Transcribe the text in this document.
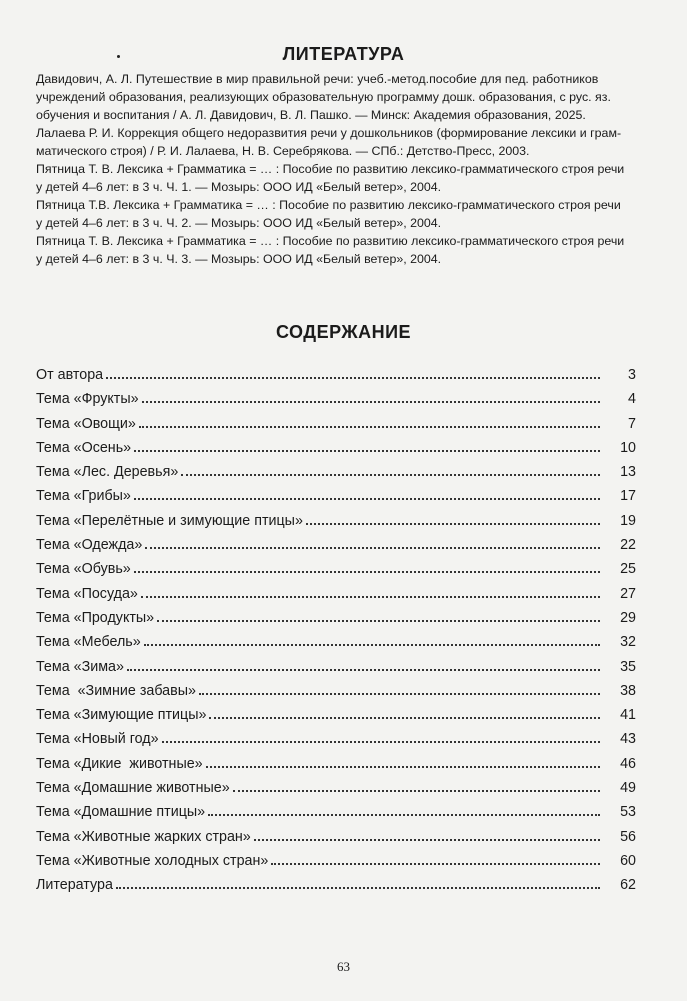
ЛИТЕРАТУРА
Давидович, А. Л. Путешествие в мир правильной речи: учеб.-метод.пособие для пед. работников
учреждений образования, реализующих образовательную программу дошк. образования, с рус. яз.
обучения и воспитания / А. Л. Давидович, В. Л. Пашко. — Минск: Академия образования, 2025.
Лалаева Р. И. Коррекция общего недоразвития речи у дошкольников (формирование лексики и грам-
матического строя) / Р. И. Лалаева, Н. В. Серебрякова. — СПб.: Детство-Пресс, 2003.
Пятница Т. В. Лексика + Грамматика = … : Пособие по развитию лексико-грамматического строя речи
у детей 4–6 лет: в 3 ч. Ч. 1. — Мозырь: ООО ИД «Белый ветер», 2004.
Пятница Т.В. Лексика + Грамматика = … : Пособие по развитию лексико-грамматического строя речи
у детей 4–6 лет: в 3 ч. Ч. 2. — Мозырь: ООО ИД «Белый ветер», 2004.
Пятница Т. В. Лексика + Грамматика = … : Пособие по развитию лексико-грамматического строя речи
у детей 4–6 лет: в 3 ч. Ч. 3. — Мозырь: ООО ИД «Белый ветер», 2004.
СОДЕРЖАНИЕ
От автора	3
Тема «Фрукты»	4
Тема «Овощи»	7
Тема «Осень»	10
Тема «Лес. Деревья»	13
Тема «Грибы»	17
Тема «Перелётные и зимующие птицы»	19
Тема «Одежда»	22
Тема «Обувь»	25
Тема «Посуда»	27
Тема «Продукты»	29
Тема «Мебель»	32
Тема «Зима»	35
Тема  «Зимние забавы»	38
Тема «Зимующие птицы»	41
Тема «Новый год»	43
Тема «Дикие  животные»	46
Тема «Домашние животные»	49
Тема «Домашние птицы»	53
Тема «Животные жарких стран»	56
Тема «Животные холодных стран»	60
Литература	62
63
